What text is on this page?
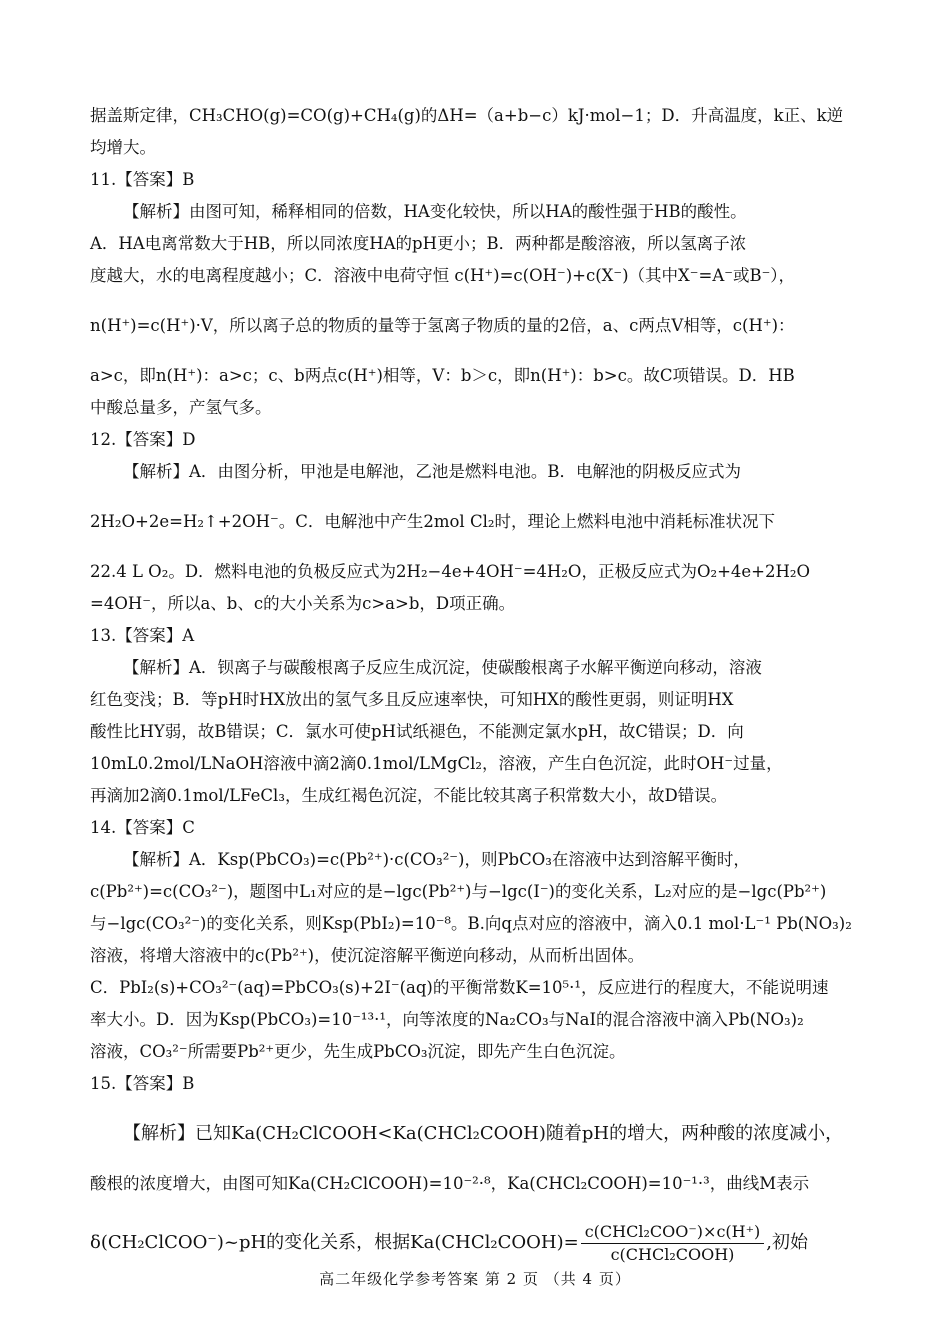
据盖斯定律，CH₃CHO(g)=CO(g)+CH₄(g)的ΔH=（a+b−c）kJ·mol−1；D．升高温度，k正、k逆

均增大。

11.【答案】B

【解析】由图可知，稀释相同的倍数，HA变化较快，所以HA的酸性强于HB的酸性。

A．HA电离常数大于HB，所以同浓度HA的pH更小；B．两种都是酸溶液，所以氢离子浓

度越大，水的电离程度越小；C．溶液中电荷守恒 c(H⁺)=c(OH⁻)+c(X⁻)（其中X⁻=A⁻或B⁻），

n(H⁺)=c(H⁺)·V，所以离子总的物质的量等于氢离子物质的量的2倍，a、c两点V相等，c(H⁺)：

a>c，即n(H⁺)：a>c；c、b两点c(H⁺)相等，V：b＞c，即n(H⁺)：b>c。故C项错误。D．HB

中酸总量多，产氢气多。

12.【答案】D

【解析】A．由图分析，甲池是电解池，乙池是燃料电池。B．电解池的阴极反应式为

2H₂O+2e=H₂↑+2OH⁻。C．电解池中产生2mol Cl₂时，理论上燃料电池中消耗标准状况下

22.4 L O₂。D．燃料电池的负极反应式为2H₂−4e+4OH⁻=4H₂O，正极反应式为O₂+4e+2H₂O

=4OH⁻，所以a、b、c的大小关系为c>a>b，D项正确。

13.【答案】A

【解析】A．钡离子与碳酸根离子反应生成沉淀，使碳酸根离子水解平衡逆向移动，溶液

红色变浅；B．等pH时HX放出的氢气多且反应速率快，可知HX的酸性更弱，则证明HX

酸性比HY弱，故B错误；C．氯水可使pH试纸褪色，不能测定氯水pH，故C错误；D．向

10mL0.2mol/LNaOH溶液中滴2滴0.1mol/LMgCl₂，溶液，产生白色沉淀，此时OH⁻过量，

再滴加2滴0.1mol/LFeCl₃，生成红褐色沉淀，不能比较其离子积常数大小，故D错误。

14.【答案】C

【解析】A．Ksp(PbCO₃)=c(Pb²⁺)·c(CO₃²⁻)，则PbCO₃在溶液中达到溶解平衡时，

c(Pb²⁺)=c(CO₃²⁻)，题图中L₁对应的是−lgc(Pb²⁺)与−lgc(I⁻)的变化关系，L₂对应的是−lgc(Pb²⁺)

与−lgc(CO₃²⁻)的变化关系，则Ksp(PbI₂)=10⁻⁸。B.向q点对应的溶液中，滴入0.1 mol·L⁻¹ Pb(NO₃)₂

溶液，将增大溶液中的c(Pb²⁺)，使沉淀溶解平衡逆向移动，从而析出固体。

C．PbI₂(s)+CO₃²⁻(aq)=PbCO₃(s)+2I⁻(aq)的平衡常数K=10⁵·¹，反应进行的程度大，不能说明速

率大小。D．因为Ksp(PbCO₃)=10⁻¹³·¹，向等浓度的Na₂CO₃与NaI的混合溶液中滴入Pb(NO₃)₂

溶液，CO₃²⁻所需要Pb²⁺更少，先生成PbCO₃沉淀，即先产生白色沉淀。

15.【答案】B

【解析】已知Ka(CH₂ClCOOH<Ka(CHCl₂COOH)随着pH的增大，两种酸的浓度减小，

酸根的浓度增大，由图可知Ka(CH₂ClCOOH)=10⁻²·⁸，Ka(CHCl₂COOH)=10⁻¹·³，曲线M表示

δ(CH₂ClCOO⁻)~pH的变化关系，根据Ka(CHCl₂COOH)= $\frac{\text{c(CHCl₂COO⁻)×c(H⁺)}}{\text{c(CHCl₂COOH)}}$ ,初始

高二年级化学参考答案 第 2 页 （共 4 页）
